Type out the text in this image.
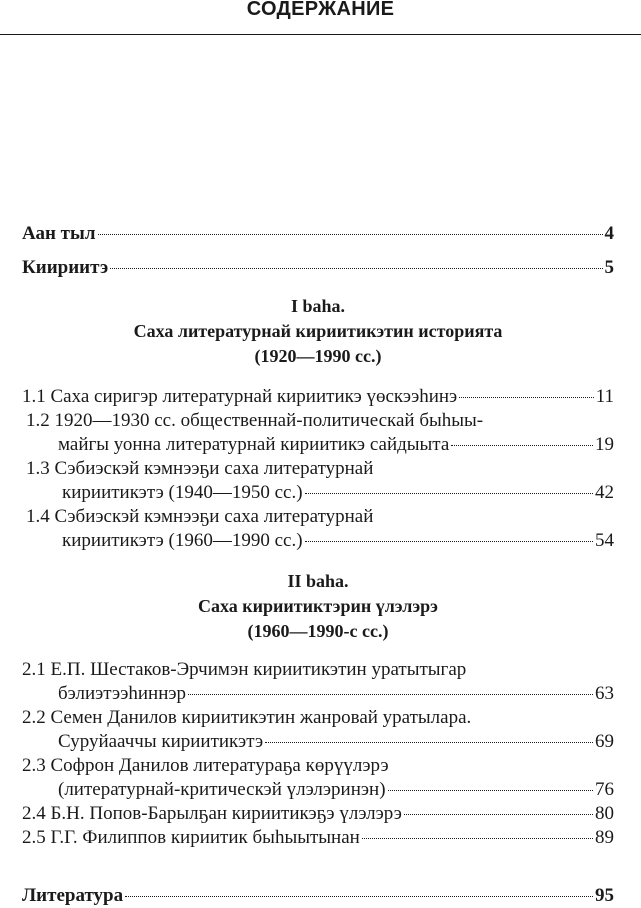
СОДЕРЖАНИЕ
Аан тыл	4
Киириитэ	5
I baha.
Саха литературнай кириитикэтин историята
(1920—1990 сс.)
1.1 Саха сиригэр литературнай кириитикэ үөскээһинэ	11
1.2 1920—1930 сс. общественнай-политическай быһыы-
майгы уонна литературнай кириитикэ сайдыыта	19
1.3 Сэбиэскэй кэмнээҕи саха литературнай
кириитикэтэ (1940—1950 сс.)	42
1.4 Сэбиэскэй кэмнээҕи саха литературнай
кириитикэтэ (1960—1990 сс.)	54
II baha.
Саха кириитиктэрин үлэлэрэ
(1960—1990-с сс.)
2.1 Е.П. Шестаков-Эрчимэн кириитикэтин уратытыгар
бэлиэтээһиннэр	63
2.2 Семен Данилов кириитикэтин жанровай уратылара.
Суруйааччы кириитикэтэ	69
2.3 Софрон Данилов литератураҕа көрүүлэрэ
(литературнай-критическэй үлэлэринэн)	76
2.4 Б.Н. Попов-Барылҕан кириитикэҕэ үлэлэрэ	80
2.5 Г.Г. Филиппов кириитик быһыытынан	89
Литература	95
